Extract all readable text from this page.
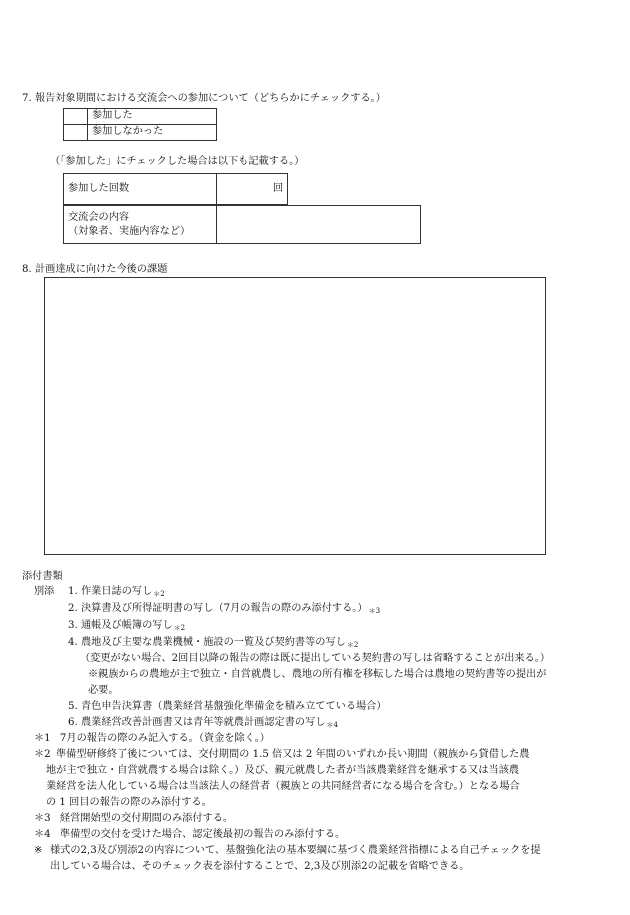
7. 報告対象期間における交流会への参加について（どちらかにチェックする。）
	参加した
	参加しなかった
（「参加した」にチェックした場合は以下も記載する。）
参加した回数	回
交流会の内容
（対象者、実施内容など）

8. 計画達成に向けた今後の課題
添付書類
別添 1. 作業日誌の写し$_{*2}$
2. 決算書及び所得証明書の写し（7月の報告の際のみ添付する。）$_{*3}$
3. 通帳及び帳簿の写し$_{*2}$
4. 農地及び主要な農業機械・施設の一覧及び契約書等の写し$_{*2}$
（変更がない場合、2回目以降の報告の際は既に提出している契約書の写しは省略することが出来る。）
※親族からの農地が主で独立・自営就農し、農地の所有権を移転した場合は農地の契約書等の提出が
必要。
5. 青色申告決算書（農業経営基盤強化準備金を積み立てている場合）
6. 農業経営改善計画書又は青年等就農計画認定書の写し$_{*4}$
＊1 7月の報告の際のみ記入する。（資金を除く。）
＊2 準備型研修終了後については、交付期間の 1.5 倍又は 2 年間のいずれか長い期間（親族から貸借した農
地が主で独立・自営就農する場合は除く。）及び、親元就農した者が当該農業経営を継承する又は当該農
業経営を法人化している場合は当該法人の経営者（親族との共同経営者になる場合を含む。）となる場合
の 1 回目の報告の際のみ添付する。
＊3 経営開始型の交付期間のみ添付する。
＊4 準備型の交付を受けた場合、認定後最初の報告のみ添付する。
※ 様式の2,3及び別添2の内容について、基盤強化法の基本要綱に基づく農業経営指標による自己チェックを提
出している場合は、そのチェック表を添付することで、2,3及び別添2の記載を省略できる。
